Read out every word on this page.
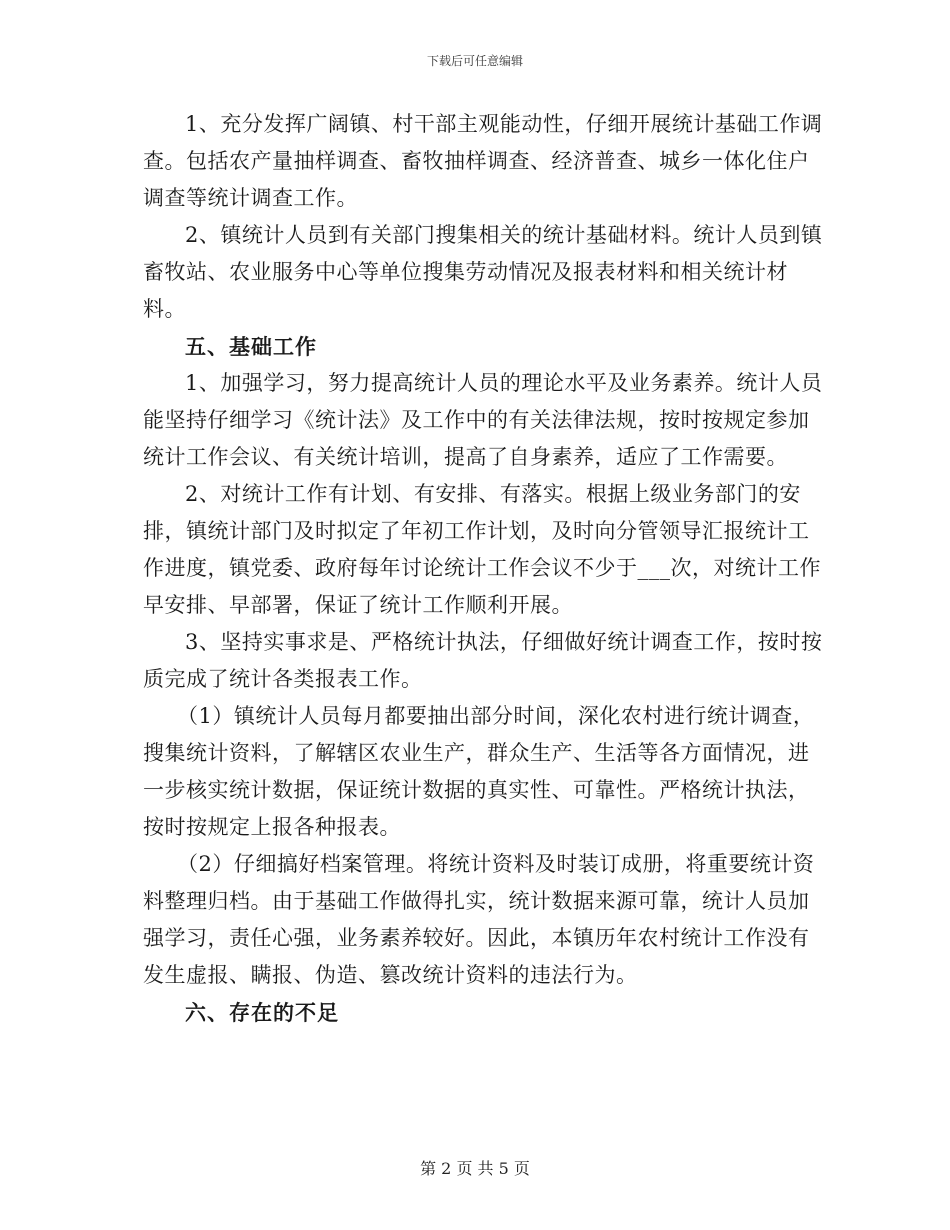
下载后可任意编辑

1、充分发挥广阔镇、村干部主观能动性，仔细开展统计基础工作调查。包括农产量抽样调查、畜牧抽样调查、经济普查、城乡一体化住户调查等统计调查工作。

2、镇统计人员到有关部门搜集相关的统计基础材料。统计人员到镇畜牧站、农业服务中心等单位搜集劳动情况及报表材料和相关统计材料。

五、基础工作

1、加强学习，努力提高统计人员的理论水平及业务素养。统计人员能坚持仔细学习《统计法》及工作中的有关法律法规，按时按规定参加统计工作会议、有关统计培训，提高了自身素养，适应了工作需要。

2、对统计工作有计划、有安排、有落实。根据上级业务部门的安排，镇统计部门及时拟定了年初工作计划，及时向分管领导汇报统计工作进度，镇党委、政府每年讨论统计工作会议不少于___次，对统计工作早安排、早部署，保证了统计工作顺利开展。

3、坚持实事求是、严格统计执法，仔细做好统计调查工作，按时按质完成了统计各类报表工作。

（1）镇统计人员每月都要抽出部分时间，深化农村进行统计调查，搜集统计资料，了解辖区农业生产，群众生产、生活等各方面情况，进一步核实统计数据，保证统计数据的真实性、可靠性。严格统计执法，按时按规定上报各种报表。

（2）仔细搞好档案管理。将统计资料及时装订成册，将重要统计资料整理归档。由于基础工作做得扎实，统计数据来源可靠，统计人员加强学习，责任心强，业务素养较好。因此，本镇历年农村统计工作没有发生虚报、瞒报、伪造、篡改统计资料的违法行为。

六、存在的不足

第 2 页 共 5 页
